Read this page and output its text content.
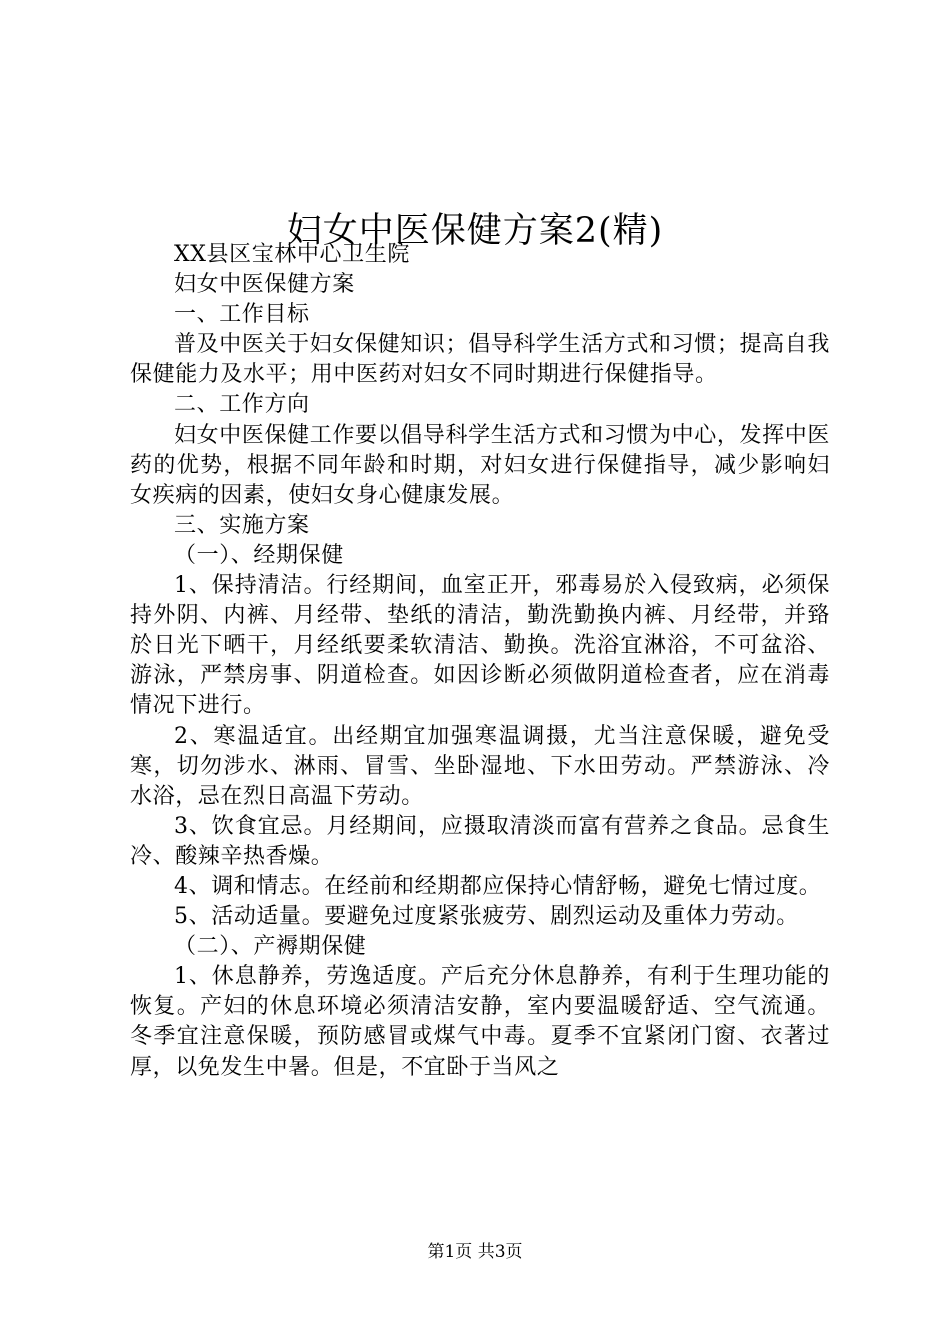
妇女中医保健方案2(精)

XX县区宝林中心卫生院

妇女中医保健方案

一、工作目标

普及中医关于妇女保健知识；倡导科学生活方式和习惯；提高自我保健能力及水平；用中医药对妇女不同时期进行保健指导。

二、工作方向

妇女中医保健工作要以倡导科学生活方式和习惯为中心，发挥中医药的优势，根据不同年龄和时期，对妇女进行保健指导，减少影响妇女疾病的因素，使妇女身心健康发展。

三、实施方案

（一）、经期保健

1、保持清洁。行经期间，血室正开，邪毒易於入侵致病，必须保持外阴、内裤、月经带、垫纸的清洁，勤洗勤换内裤、月经带，并臵於日光下晒干，月经纸要柔软清洁、勤换。洗浴宜淋浴，不可盆浴、游泳，严禁房事、阴道检查。如因诊断必须做阴道检查者，应在消毒情况下进行。

2、寒温适宜。出经期宜加强寒温调摄，尤当注意保暖，避免受寒，切勿涉水、淋雨、冒雪、坐卧湿地、下水田劳动。严禁游泳、冷水浴，忌在烈日高温下劳动。

3、饮食宜忌。月经期间，应摄取清淡而富有营养之食品。忌食生冷、酸辣辛热香燥。

4、调和情志。在经前和经期都应保持心情舒畅，避免七情过度。

5、活动适量。要避免过度紧张疲劳、剧烈运动及重体力劳动。

（二）、产褥期保健

1、休息静养，劳逸适度。产后充分休息静养，有利于生理功能的恢复。产妇的休息环境必须清洁安静，室内要温暖舒适、空气流通。冬季宜注意保暖，预防感冒或煤气中毒。夏季不宜紧闭门窗、衣著过厚，以免发生中暑。但是，不宜卧于当风之

第1页 共3页
